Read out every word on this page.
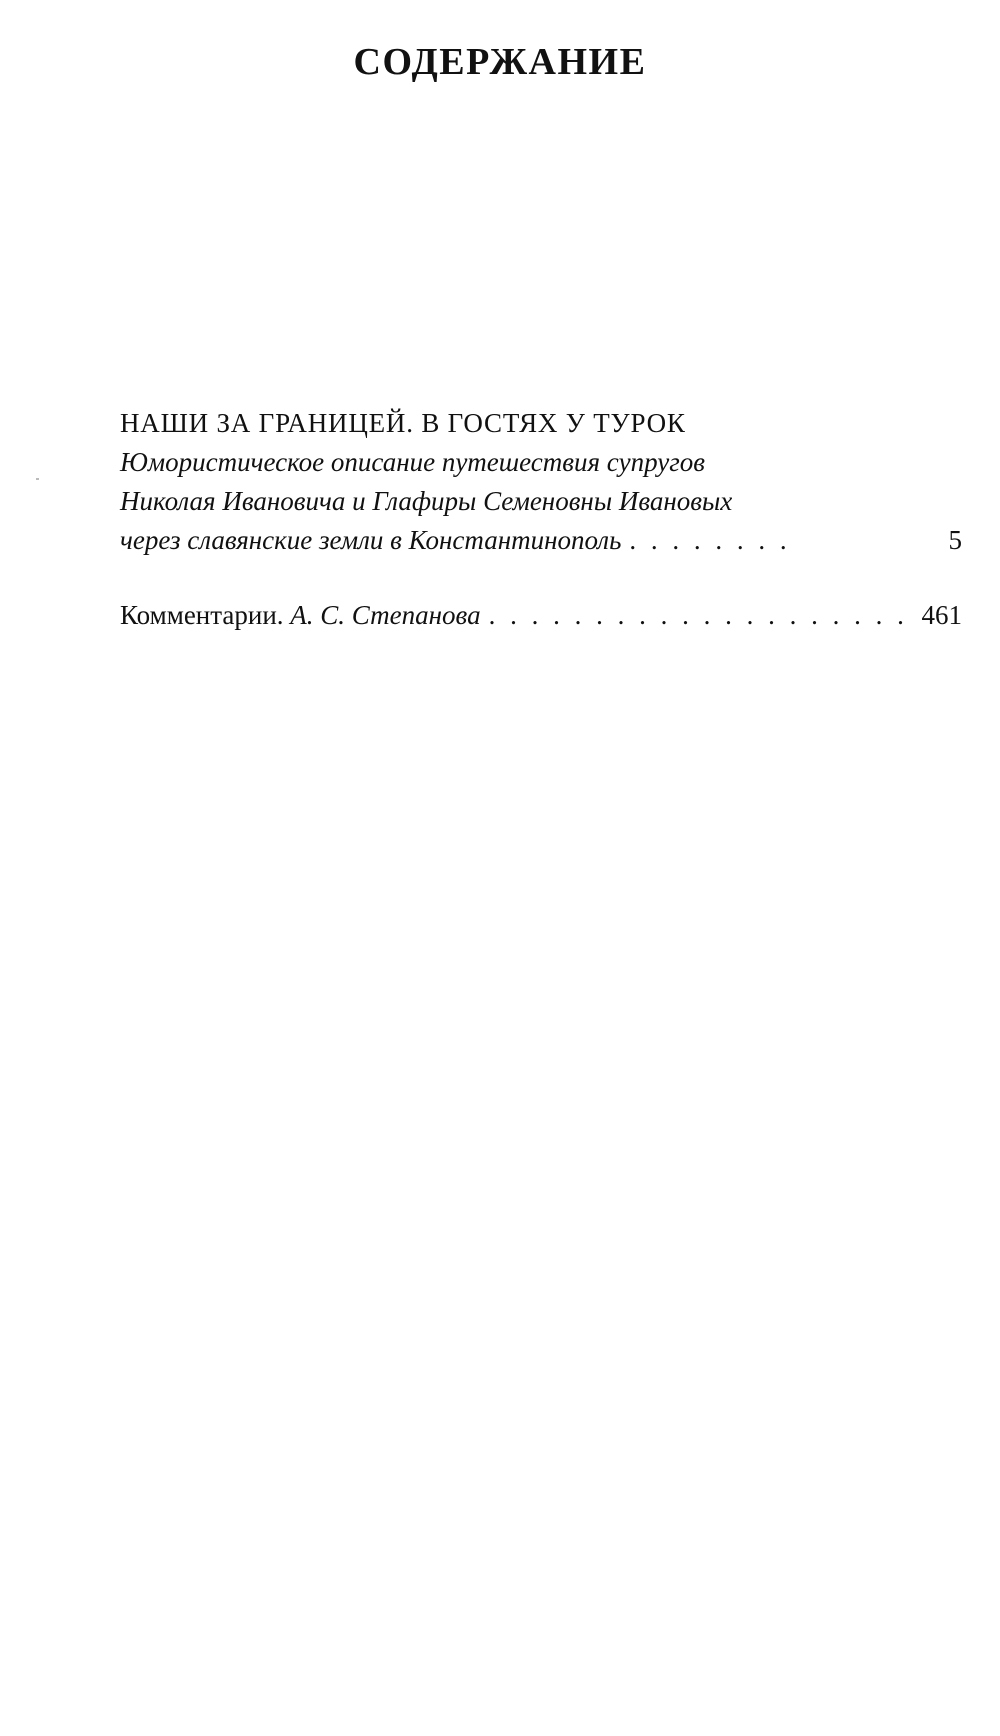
СОДЕРЖАНИЕ
НАШИ ЗА ГРАНИЦЕЙ. В ГОСТЯХ У ТУРОК
Юмористическое описание путешествия супругов
Николая Ивановича и Глафиры Семеновны Ивановых
через славянские земли в Константинополь . . .	5
Комментарии. А. С. Степанова . . .	461
